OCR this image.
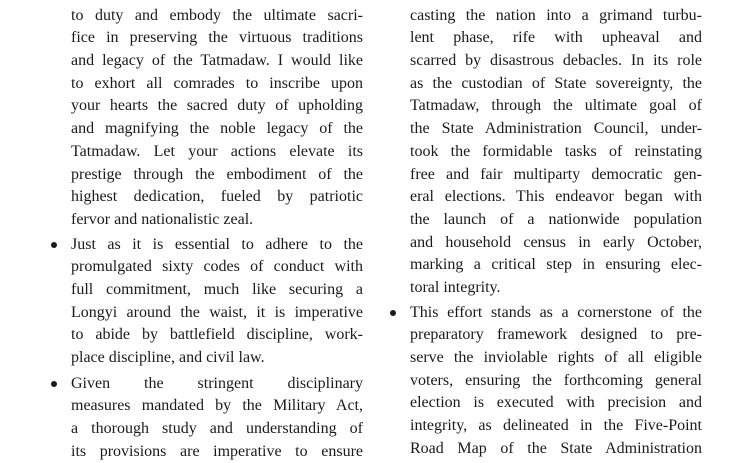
to duty and embody the ultimate sacri-
fice in preserving the virtuous traditions
and legacy of the Tatmadaw. I would like
to exhort all comrades to inscribe upon
your hearts the sacred duty of upholding
and magnifying the noble legacy of the
Tatmadaw. Let your actions elevate its
prestige through the embodiment of the
highest dedication, fueled by patriotic
fervor and nationalistic zeal.
Just as it is essential to adhere to the
promulgated sixty codes of conduct with
full commitment, much like securing a
Longyi around the waist, it is imperative
to abide by battlefield discipline, work-
place discipline, and civil law.
Given the stringent disciplinary
measures mandated by the Military Act,
a thorough study and understanding of
its provisions are imperative to ensure
casting the nation into a grimand turbu-
lent phase, rife with upheaval and
scarred by disastrous debacles. In its role
as the custodian of State sovereignty, the
Tatmadaw, through the ultimate goal of
the State Administration Council, under-
took the formidable tasks of reinstating
free and fair multiparty democratic gen-
eral elections. This endeavor began with
the launch of a nationwide population
and household census in early October,
marking a critical step in ensuring elec-
toral integrity.
This effort stands as a cornerstone of the
preparatory framework designed to pre-
serve the inviolable rights of all eligible
voters, ensuring the forthcoming general
election is executed with precision and
integrity, as delineated in the Five-Point
Road Map of the State Administration
